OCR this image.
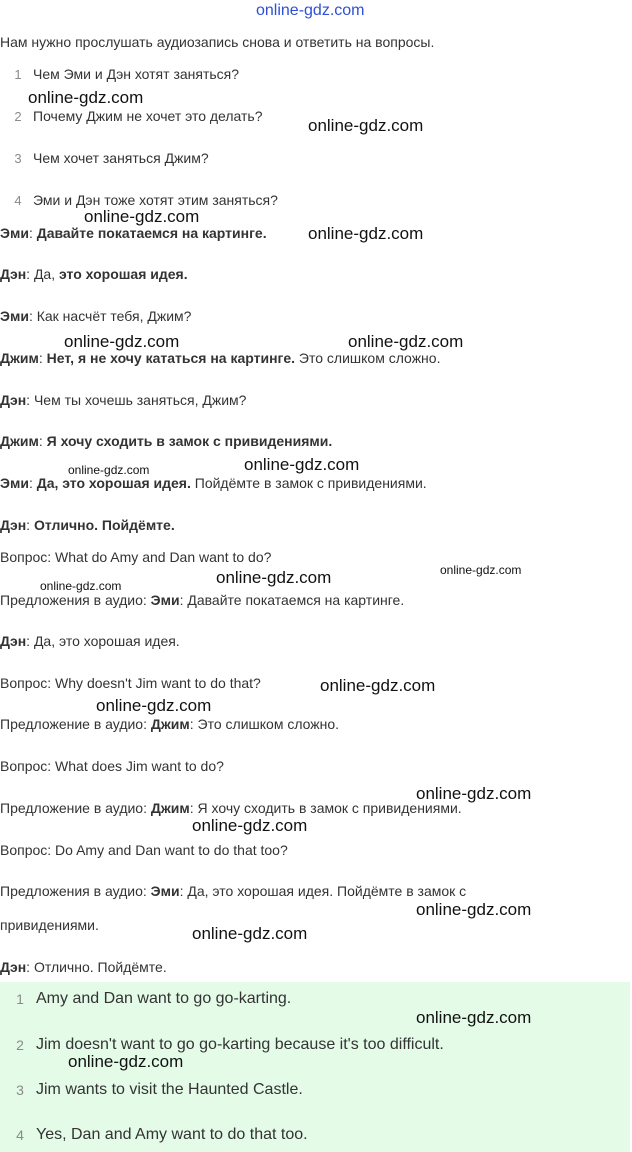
online-gdz.com
Нам нужно прослушать аудиозапись снова и ответить на вопросы.
1 Чем Эми и Дэн хотят заняться?
2 Почему Джим не хочет это делать?
3 Чем хочет заняться Джим?
4 Эми и Дэн тоже хотят этим заняться?
Эми: Давайте покатаемся на картинге.
Дэн: Да, это хорошая идея.
Эми: Как насчёт тебя, Джим?
Джим: Нет, я не хочу кататься на картинге. Это слишком сложно.
Дэн: Чем ты хочешь заняться, Джим?
Джим: Я хочу сходить в замок с привидениями.
Эми: Да, это хорошая идея. Пойдёмте в замок с привидениями.
Дэн: Отлично. Пойдёмте.
Вопрос: What do Amy and Dan want to do?
Предложения в аудио: Эми: Давайте покатаемся на картинге.
Дэн: Да, это хорошая идея.
Вопрос: Why doesn't Jim want to do that?
Предложение в аудио: Джим: Это слишком сложно.
Вопрос: What does Jim want to do?
Предложение в аудио: Джим: Я хочу сходить в замок с привидениями.
Вопрос: Do Amy and Dan want to do that too?
Предложения в аудио: Эми: Да, это хорошая идея. Пойдёмте в замок с
привидениями.
Дэн: Отлично. Пойдёмте.
1 Amy and Dan want to go go-karting.
2 Jim doesn't want to go go-karting because it's too difficult.
3 Jim wants to visit the Haunted Castle.
4 Yes, Dan and Amy want to do that too.
online-gdz.com
online-gdz.com
online-gdz.com
online-gdz.com
online-gdz.com	online-gdz.com
online-gdz.com	online-gdz.com
online-gdz.com
online-gdz.com	online-gdz.com
online-gdz.com
online-gdz.com
online-gdz.com
online-gdz.com
online-gdz.com
online-gdz.com
online-gdz.com
online-gdz.com
